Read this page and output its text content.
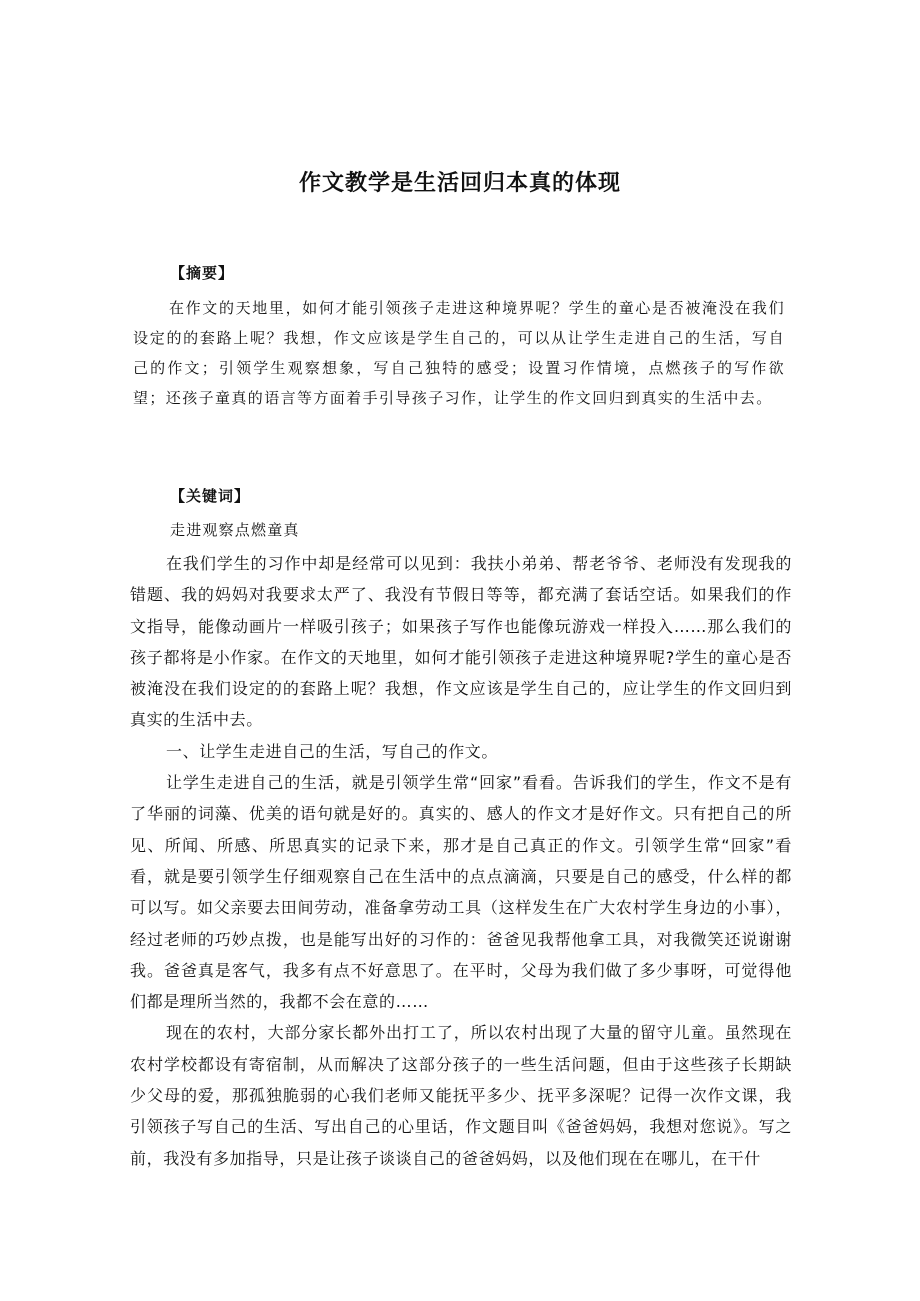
作文教学是生活回归本真的体现
【摘要】

在作文的天地里，如何才能引领孩子走进这种境界呢？学生的童心是否被淹没在我们设定的的套路上呢？我想，作文应该是学生自己的，可以从让学生走进自己的生活，写自己的作文；引领学生观察想象，写自己独特的感受；设置习作情境，点燃孩子的写作欲望；还孩子童真的语言等方面着手引导孩子习作，让学生的作文回归到真实的生活中去。

【关键词】

走进观察点燃童真

在我们学生的习作中却是经常可以见到：我扶小弟弟、帮老爷爷、老师没有发现我的错题、我的妈妈对我要求太严了、我没有节假日等等，都充满了套话空话。如果我们的作文指导，能像动画片一样吸引孩子；如果孩子写作也能像玩游戏一样投入……那么我们的孩子都将是小作家。在作文的天地里，如何才能引领孩子走进这种境界呢?学生的童心是否被淹没在我们设定的的套路上呢？我想，作文应该是学生自己的，应让学生的作文回归到真实的生活中去。

一、让学生走进自己的生活，写自己的作文。

让学生走进自己的生活，就是引领学生常“回家”看看。告诉我们的学生，作文不是有了华丽的词藻、优美的语句就是好的。真实的、感人的作文才是好作文。只有把自己的所见、所闻、所感、所思真实的记录下来，那才是自己真正的作文。引领学生常“回家”看看，就是要引领学生仔细观察自己在生活中的点点滴滴，只要是自己的感受，什么样的都可以写。如父亲要去田间劳动，准备拿劳动工具（这样发生在广大农村学生身边的小事），经过老师的巧妙点拨，也是能写出好的习作的：爸爸见我帮他拿工具，对我微笑还说谢谢我。爸爸真是客气，我多有点不好意思了。在平时，父母为我们做了多少事呀，可觉得他们都是理所当然的，我都不会在意的……

现在的农村，大部分家长都外出打工了，所以农村出现了大量的留守儿童。虽然现在农村学校都设有寄宿制，从而解决了这部分孩子的一些生活问题，但由于这些孩子长期缺少父母的爱，那孤独脆弱的心我们老师又能抚平多少、抚平多深呢？记得一次作文课，我引领孩子写自己的生活、写出自己的心里话，作文题目叫《爸爸妈妈，我想对您说》。写之前，我没有多加指导，只是让孩子谈谈自己的爸爸妈妈，以及他们现在在哪儿，在干什
